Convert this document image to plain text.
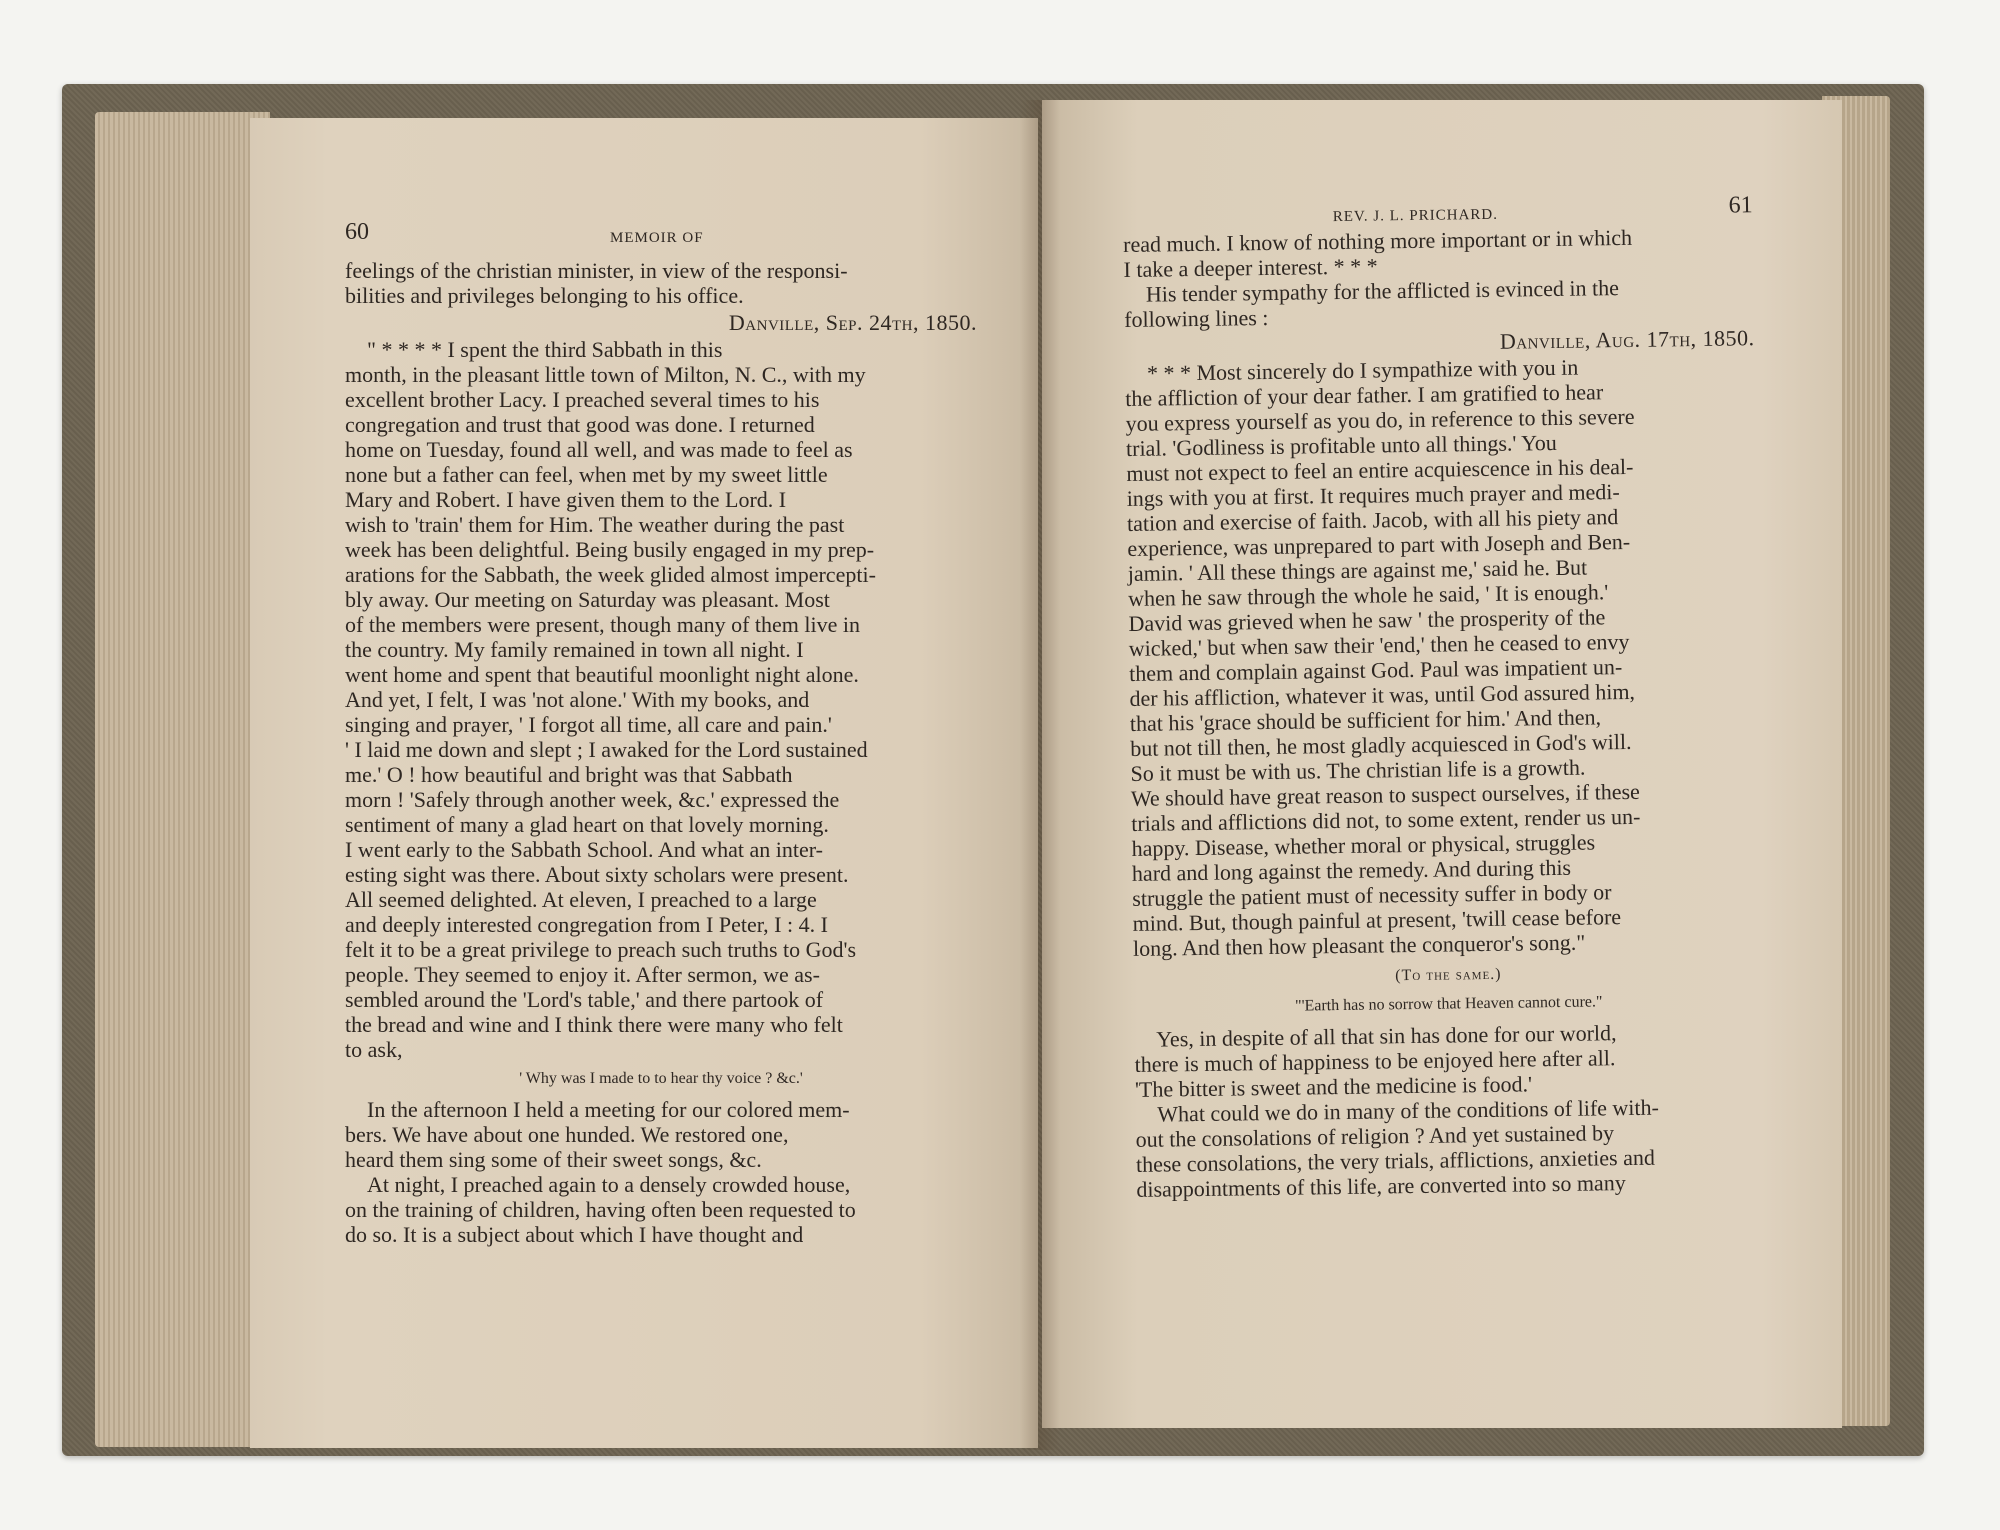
60	MEMOIR OF
feelings of the christian minister, in view of the responsi-
bilities and privileges belonging to his office.
Danville, Sep. 24th, 1850.
" * * * * I spent the third Sabbath in this
month, in the pleasant little town of Milton, N. C., with my
excellent brother Lacy. I preached several times to his
congregation and trust that good was done. I returned
home on Tuesday, found all well, and was made to feel as
none but a father can feel, when met by my sweet little
Mary and Robert. I have given them to the Lord. I
wish to 'train' them for Him. The weather during the past
week has been delightful. Being busily engaged in my prep-
arations for the Sabbath, the week glided almost impercepti-
bly away. Our meeting on Saturday was pleasant. Most
of the members were present, though many of them live in
the country. My family remained in town all night. I
went home and spent that beautiful moonlight night alone.
And yet, I felt, I was 'not alone.' With my books, and
singing and prayer, ' I forgot all time, all care and pain.'
' I laid me down and slept ; I awaked for the Lord sustained
me.' O ! how beautiful and bright was that Sabbath
morn ! 'Safely through another week, &c.' expressed the
sentiment of many a glad heart on that lovely morning.
I went early to the Sabbath School. And what an inter-
esting sight was there. About sixty scholars were present.
All seemed delighted. At eleven, I preached to a large
and deeply interested congregation from I Peter, I : 4. I
felt it to be a great privilege to preach such truths to God's
people. They seemed to enjoy it. After sermon, we as-
sembled around the 'Lord's table,' and there partook of
the bread and wine and I think there were many who felt
to ask,
' Why was I made to to hear thy voice ? &c.'
In the afternoon I held a meeting for our colored mem-
bers. We have about one hunded. We restored one,
heard them sing some of their sweet songs, &c.
At night, I preached again to a densely crowded house,
on the training of children, having often been requested to
do so. It is a subject about which I have thought and
REV. J. L. PRICHARD.	61
read much. I know of nothing more important or in which
I take a deeper interest. * * *
His tender sympathy for the afflicted is evinced in the
following lines :
Danville, Aug. 17th, 1850.
* * * Most sincerely do I sympathize with you in
the affliction of your dear father. I am gratified to hear
you express yourself as you do, in reference to this severe
trial. 'Godliness is profitable unto all things.' You
must not expect to feel an entire acquiescence in his deal-
ings with you at first. It requires much prayer and medi-
tation and exercise of faith. Jacob, with all his piety and
experience, was unprepared to part with Joseph and Ben-
jamin. ' All these things are against me,' said he. But
when he saw through the whole he said, ' It is enough.'
David was grieved when he saw ' the prosperity of the
wicked,' but when saw their 'end,' then he ceased to envy
them and complain against God. Paul was impatient un-
der his affliction, whatever it was, until God assured him,
that his 'grace should be sufficient for him.' And then,
but not till then, he most gladly acquiesced in God's will.
So it must be with us. The christian life is a growth.
We should have great reason to suspect ourselves, if these
trials and afflictions did not, to some extent, render us un-
happy. Disease, whether moral or physical, struggles
hard and long against the remedy. And during this
struggle the patient must of necessity suffer in body or
mind. But, though painful at present, 'twill cease before
long. And then how pleasant the conqueror's song."
(To the same.)
"'Earth has no sorrow that Heaven cannot cure."
Yes, in despite of all that sin has done for our world,
there is much of happiness to be enjoyed here after all.
'The bitter is sweet and the medicine is food.'
What could we do in many of the conditions of life with-
out the consolations of religion ? And yet sustained by
these consolations, the very trials, afflictions, anxieties and
disappointments of this life, are converted into so many
